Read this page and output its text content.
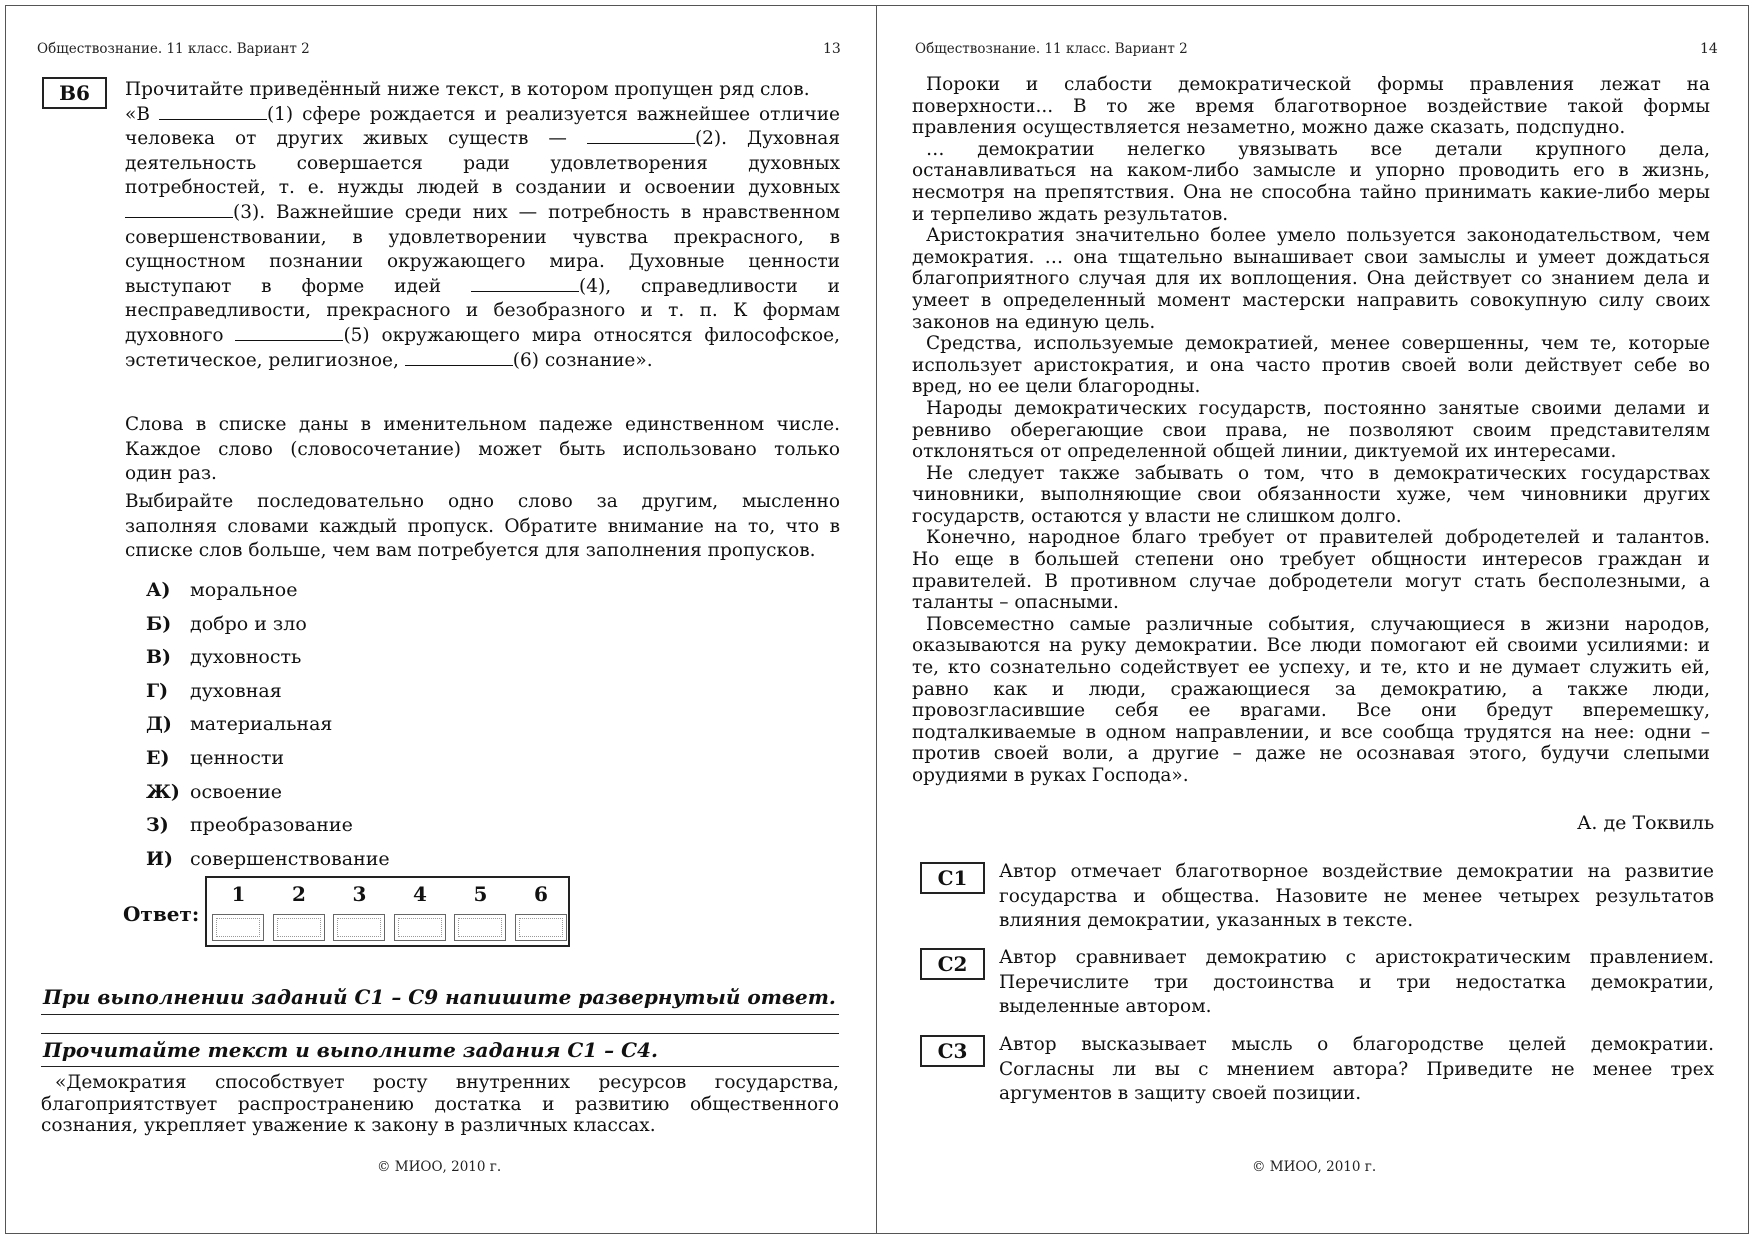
Обществознание. 11 класс. Вариант 2	13
B6	Прочитайте приведённый ниже текст, в котором пропущен ряд слов.
«В	(1) сфере рождается и реализуется важнейшее отличие
человека от других живых существ —	(2). Духовная
деятельность совершается ради удовлетворения духовных
потребностей, т. е. нужды людей в создании и освоении духовных
(3). Важнейшие среди них — потребность в нравственном
совершенствовании, в удовлетворении чувства прекрасного, в
сущностном познании окружающего мира. Духовные ценности
выступают в форме идей	(4), справедливости и
несправедливости, прекрасного и безобразного и т. п. К формам
духовного	(5) окружающего мира относятся философское,
эстетическое, религиозное,	(6) сознание».
Слова в списке даны в именительном падеже единственном числе.
Каждое слово (словосочетание) может быть использовано только
один раз.
Выбирайте последовательно одно слово за другим, мысленно
заполняя словами каждый пропуск. Обратите внимание на то, что в
списке слов больше, чем вам потребуется для заполнения пропусков.
А) моральное
Б) добро и зло
В) духовность
Г) духовная
Д) материальная
Е) ценности
Ж) освоение
З) преобразование
И) совершенствование
Ответ:
1	2	3	4	5	6
При выполнении заданий С1 – С9 напишите развернутый ответ.
Прочитайте текст и выполните задания С1 – С4.
«Демократия способствует росту внутренних ресурсов государства,
благоприятствует распространению достатка и развитию общественного
сознания, укрепляет уважение к закону в различных классах.
© МИОО, 2010 г.
Обществознание. 11 класс. Вариант 2	14
Пороки и слабости демократической формы правления лежат на
поверхности... В то же время благотворное воздействие такой формы
правления осуществляется незаметно, можно даже сказать, подспудно.
… демократии нелегко увязывать все детали крупного дела,
останавливаться на каком-либо замысле и упорно проводить его в жизнь,
несмотря на препятствия. Она не способна тайно принимать какие-либо меры
и терпеливо ждать результатов.
Аристократия значительно более умело пользуется законодательством, чем
демократия. … она тщательно вынашивает свои замыслы и умеет дождаться
благоприятного случая для их воплощения. Она действует со знанием дела и
умеет в определенный момент мастерски направить совокупную силу своих
законов на единую цель.
Средства, используемые демократией, менее совершенны, чем те, которые
использует аристократия, и она часто против своей воли действует себе во
вред, но ее цели благородны.
Народы демократических государств, постоянно занятые своими делами и
ревниво оберегающие свои права, не позволяют своим представителям
отклоняться от определенной общей линии, диктуемой их интересами.
Не следует также забывать о том, что в демократических государствах
чиновники, выполняющие свои обязанности хуже, чем чиновники других
государств, остаются у власти не слишком долго.
Конечно, народное благо требует от правителей добродетелей и талантов.
Но еще в большей степени оно требует общности интересов граждан и
правителей. В противном случае добродетели могут стать бесполезными, а
таланты – опасными.
Повсеместно самые различные события, случающиеся в жизни народов,
оказываются на руку демократии. Все люди помогают ей своими усилиями: и
те, кто сознательно содействует ее успеху, и те, кто и не думает служить ей,
равно как и люди, сражающиеся за демократию, а также люди,
провозгласившие себя ее врагами. Все они бредут вперемешку,
подталкиваемые в одном направлении, и все сообща трудятся на нее: одни –
против своей воли, а другие – даже не осознавая этого, будучи слепыми
орудиями в руках Господа».
А. де Токвиль
C1	Автор отмечает благотворное воздействие демократии на развитие
государства и общества. Назовите не менее четырех результатов
влияния демократии, указанных в тексте.
C2	Автор сравнивает демократию с аристократическим правлением.
Перечислите три достоинства и три недостатка демократии,
выделенные автором.
C3	Автор высказывает мысль о благородстве целей демократии.
Согласны ли вы с мнением автора? Приведите не менее трех
аргументов в защиту своей позиции.
© МИОО, 2010 г.
